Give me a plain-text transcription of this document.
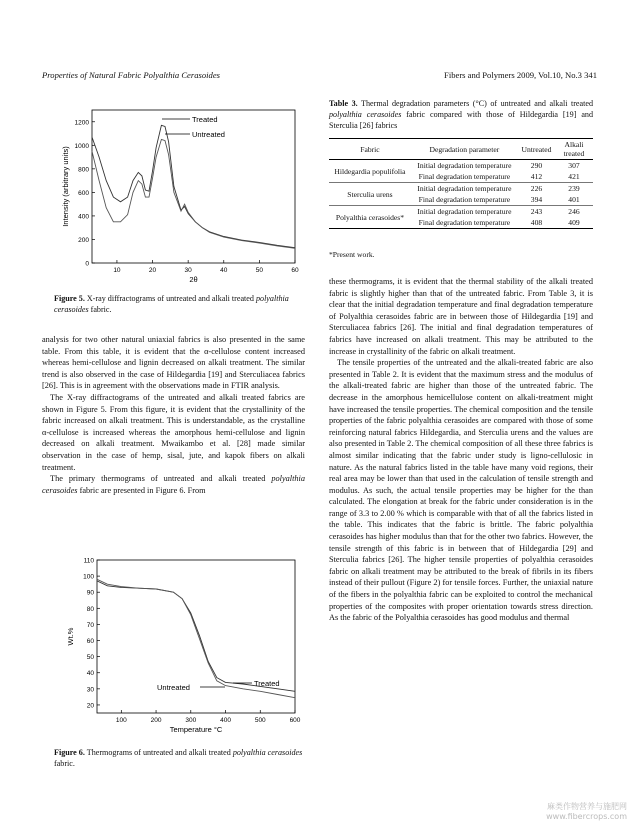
Properties of Natural Fabric Polyalthia Cerasoides	Fibers and Polymers 2009, Vol.10, No.3 341
0
200
400
600
800
1000
1200
10	20	30	40	50	60
2θ
Intensity (arbitrary units)
Treated
Untreated
Figure 5. X-ray diffractograms of untreated and alkali treated polyalthia cerasoides fabric.

analysis for two other natural uniaxial fabrics is also presented in the same table. From this table, it is evident that the α-cellulose content increased whereas hemi-cellulose and lignin decreased on alkali treatment. The similar trend is also observed in the case of Hildegardia [19] and Sterculiacea fabrics [26]. This is in agreement with the observations made in FTIR analysis.

The X-ray diffractograms of the untreated and alkali treated fabrics are shown in Figure 5. From this figure, it is evident that the crystallinity of the fabric increased on alkali treatment. This is understandable, as the crystalline α-cellulose is increased whereas the amorphous hemi-cellulose and lignin decreased on alkali treatment. Mwaikambo et al. [28] made similar observation in the case of hemp, sisal, jute, and kapok fibers on alkali treatment.

The primary thermograms of untreated and alkali treated polyalthia cerasoides fabric are presented in Figure 6. From

20
30
40
50
60
70
80
90
100
110
100	200	300	400	500	600
Temperature °C
Wt.%
Untreated	Treated
Figure 6. Thermograms of untreated and alkali treated polyalthia cerasoides fabric.
Table 3. Thermal degradation parameters (°C) of untreated and alkali treated polyalthia cerasoides fabric compared with those of Hildegardia [19] and Sterculia [26] fabrics
Fabric	Degradation parameter	Untreated	Alkali treated
Hildegardia populifolia	Initial degradation temperature	290	307
	Final degradation temperature	412	421
Sterculia urens	Initial degradation temperature	226	239
	Final degradation temperature	394	401
Polyalthia cerasoides*	Initial degradation temperature	243	246
	Final degradation temperature	408	409
*Present work.

these thermograms, it is evident that the thermal stability of the alkali treated fabric is slightly higher than that of the untreated fabric. From Table 3, it is clear that the initial degradation temperature and final degradation temperature of Polyalthia cerasoides fabric are in between those of Hildegardia [19] and Sterculiacea fabrics [26]. The initial and final degradation temperatures of fabrics have increased on alkali treatment. This may be attributed to the increase in crystallinity of the fabric on alkali treatment.

The tensile properties of the untreated and the alkali-treated fabric are also presented in Table 2. It is evident that the maximum stress and the modulus of the alkali-treated fabric are higher than those of the untreated fabric. The decrease in the amorphous hemicellulose content on alkali-treatment might have increased the tensile properties. The chemical composition and the tensile properties of the fabric polyalthia cerasoides are compared with those of some reinforcing natural fabrics Hildegardia, and Sterculia urens and the values are also presented in Table 2. The chemical composition of all these three fabrics is almost similar indicating that the fabric under study is ligno-cellulosic in nature. As the natural fabrics listed in the table have many void regions, their real area may be lower than that used in the calculation of tensile strength and modulus. As such, the actual tensile properties may be higher for the than calculated. The elongation at break for the fabric under consideration is in the range of 3.3 to 2.00 % which is comparable with that of all the fabrics listed in the table. This indicates that the fabric is brittle. The fabric polyalthia cerasoides has higher modulus than that for the other two fabrics. However, the tensile strength of this fabric is in between that of Hildegardia [29] and Sterculia fabrics [26]. The higher tensile properties of polyalthia cerasoides fabric on alkali treatment may be attributed to the break of fibrils in its fibers instead of their pullout (Figure 2) for tensile forces. Further, the uniaxial nature of the fibers in the polyalthia fabric can be exploited to control the mechanical properties of the composites with proper orientation towards stress direction. As the fabric of the Polyalthia cerasoides has good modulus and thermal

麻类作物营养与施肥网
www.fibercrops.com
